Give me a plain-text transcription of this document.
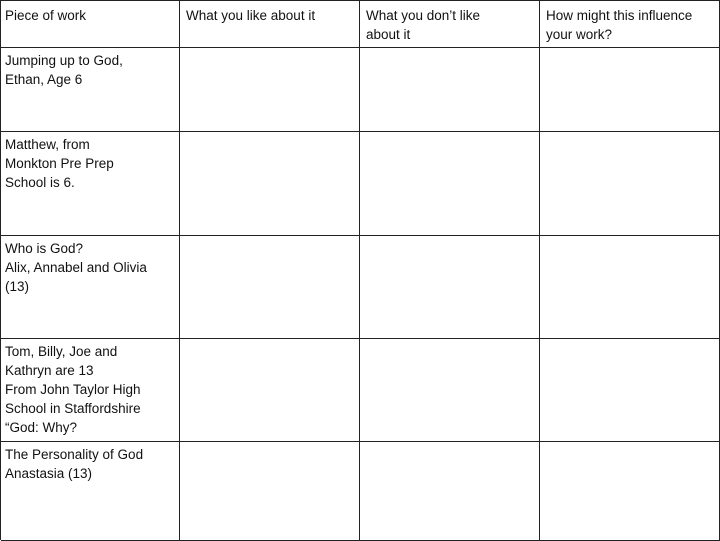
Piece of work	What you like about it	What you don’t like
about it
How might this influence
your work?
Jumping up to God,
Ethan, Age 6
Matthew, from
Monkton Pre Prep
School is 6.
Who is God?
Alix, Annabel and Olivia
(13)
Tom, Billy, Joe and
Kathryn are 13
From John Taylor High
School in Staffordshire
“God: Why?
The Personality of God
Anastasia (13)
